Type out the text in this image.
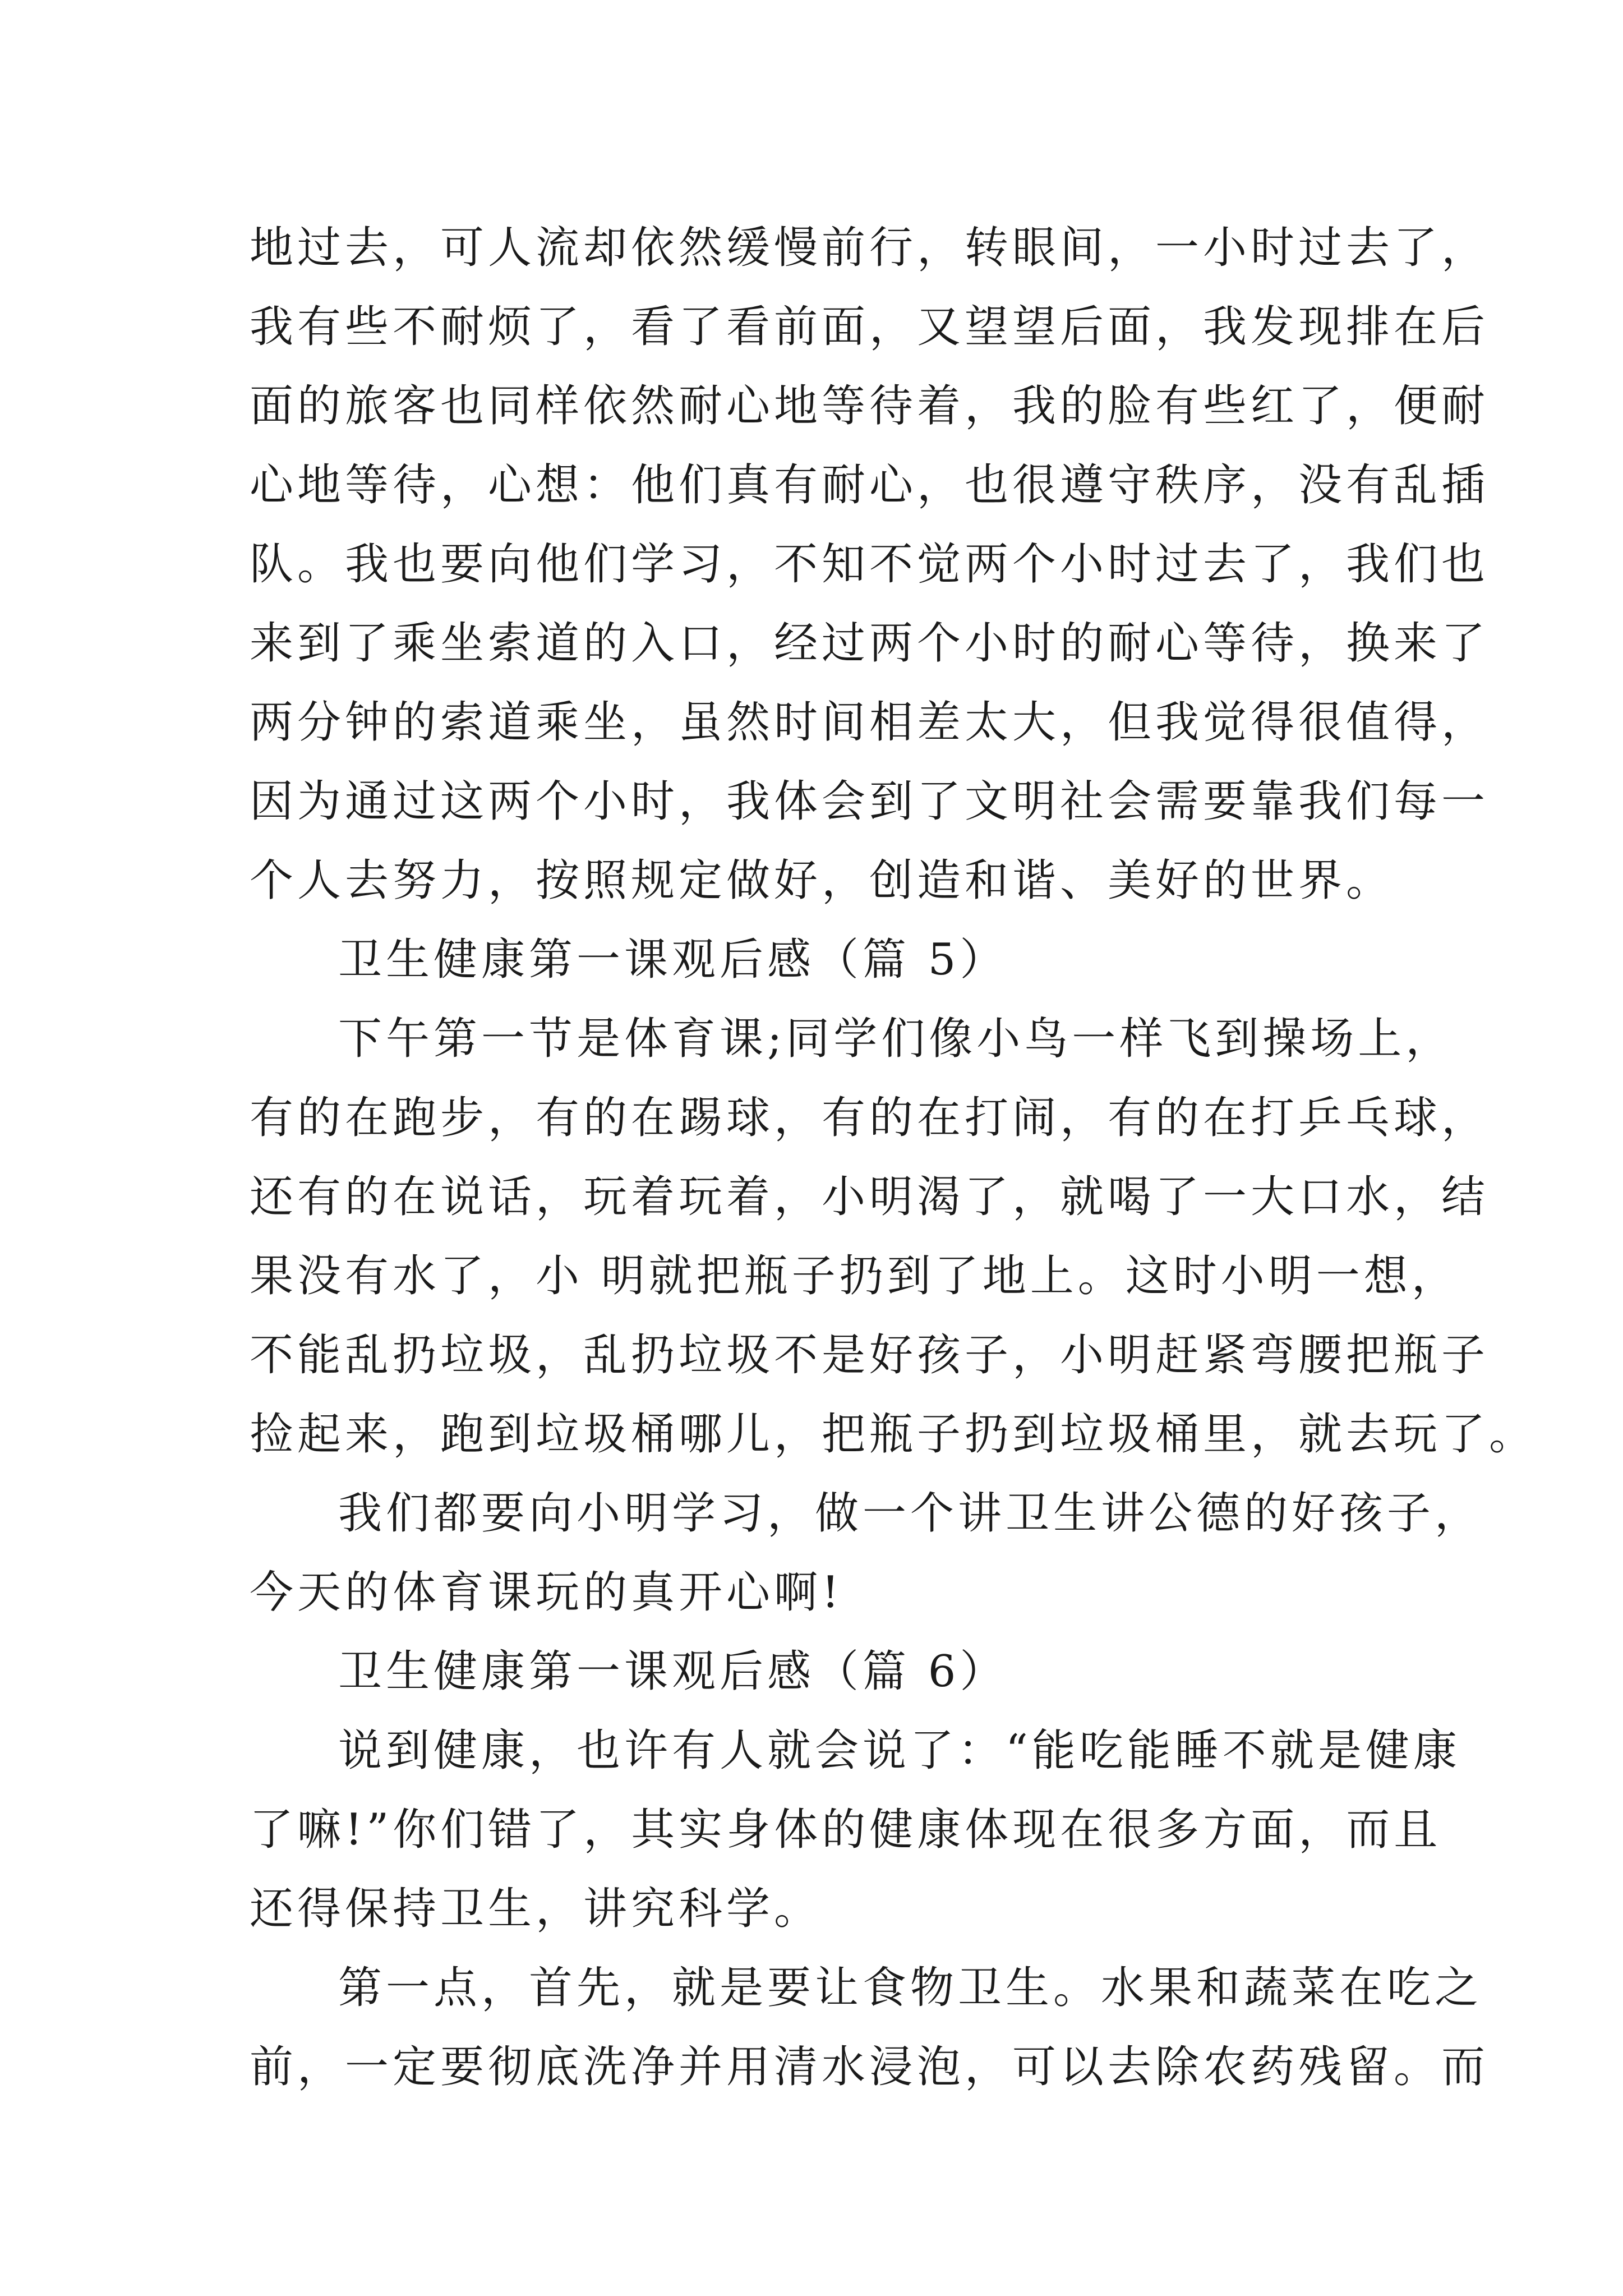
地过去，可人流却依然缓慢前行，转眼间，一小时过去了，
我有些不耐烦了，看了看前面，又望望后面，我发现排在后
面的旅客也同样依然耐心地等待着，我的脸有些红了，便耐
心地等待，心想：他们真有耐心，也很遵守秩序，没有乱插
队。我也要向他们学习，不知不觉两个小时过去了，我们也
来到了乘坐索道的入口，经过两个小时的耐心等待，换来了
两分钟的索道乘坐，虽然时间相差太大，但我觉得很值得，
因为通过这两个小时，我体会到了文明社会需要靠我们每一
个人去努力，按照规定做好，创造和谐、美好的世界。
卫生健康第一课观后感（篇 5）
下午第一节是体育课;同学们像小鸟一样飞到操场上，
有的在跑步，有的在踢球，有的在打闹，有的在打乒乓球，
还有的在说话，玩着玩着，小明渴了，就喝了一大口水，结
果没有水了，小 明就把瓶子扔到了地上。这时小明一想，
不能乱扔垃圾，乱扔垃圾不是好孩子，小明赶紧弯腰把瓶子
捡起来，跑到垃圾桶哪儿，把瓶子扔到垃圾桶里，就去玩了。
我们都要向小明学习，做一个讲卫生讲公德的好孩子，
今天的体育课玩的真开心啊!
卫生健康第一课观后感（篇 6）
说到健康，也许有人就会说了：“能吃能睡不就是健康
了嘛!”你们错了，其实身体的健康体现在很多方面，而且
还得保持卫生，讲究科学。
第一点，首先，就是要让食物卫生。水果和蔬菜在吃之
前，一定要彻底洗净并用清水浸泡，可以去除农药残留。而
